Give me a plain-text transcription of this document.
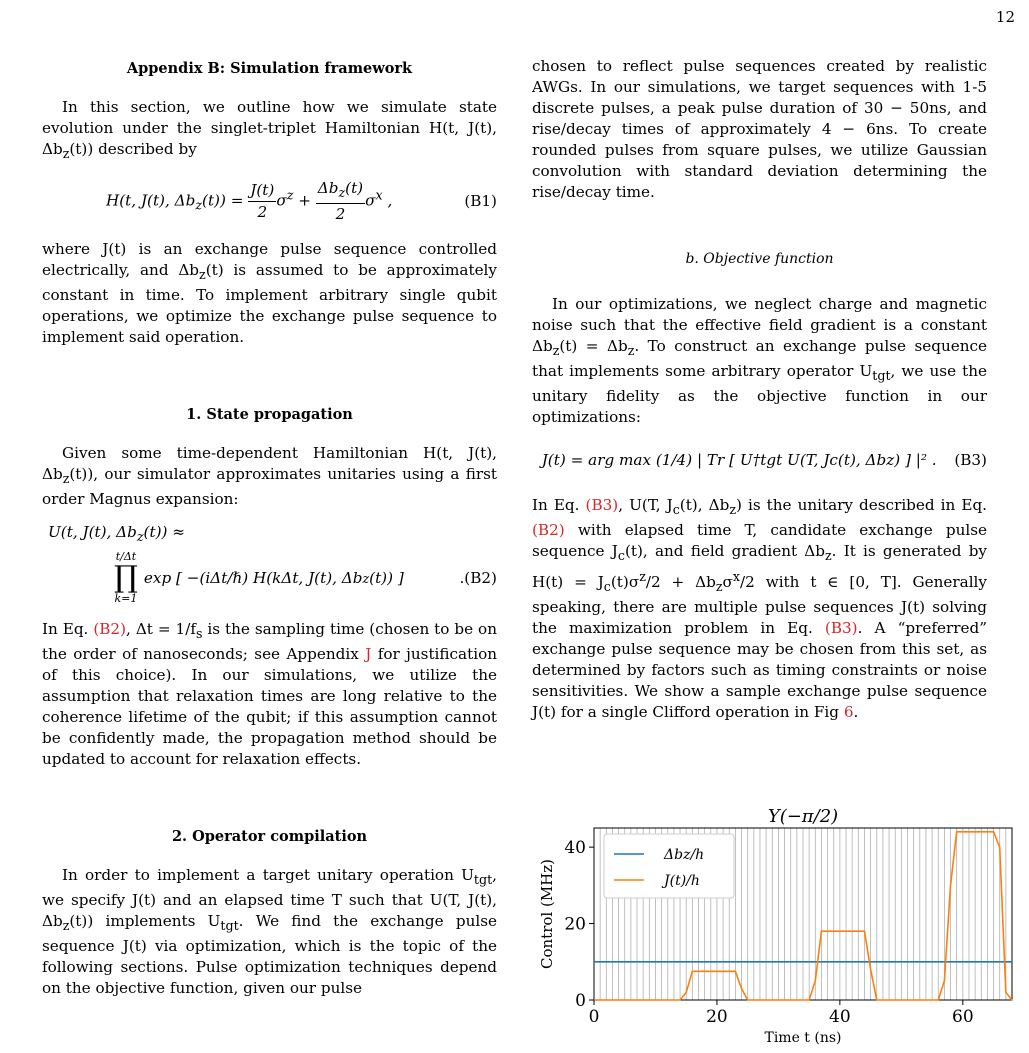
12
Appendix B: Simulation framework

In this section, we outline how we simulate state evolution under the singlet-triplet Hamiltonian H(t, J(t), $\Delta b_z(t)$) described by

H(t, J(t), $\Delta b_z(t)) = \frac{J(t)}{2} \sigma^z$ +
$\Delta b_z(t)$
2
$\sigma^x$ ,	(B1)

where J(t) is an exchange pulse sequence controlled electrically, and $\Delta b_z(t)$ is assumed to be approximately constant in time. To implement arbitrary single qubit operations, we optimize the exchange pulse sequence to implement said operation.

1. State propagation

Given some time-dependent Hamiltonian H(t, J(t), $\Delta b_z(t)$), our simulator approximates unitaries using a first order Magnus expansion:

U(t, J(t), $\Delta b_z(t)$) ≈
t/Δt
∏
k=1
exp [ −(iΔt/ℏ) H(kΔt, J(t), Δb z (t)) ]	.(B2)

In Eq. (B2), $\Delta t = 1/f_s$ is the sampling time (chosen to be on the order of nanoseconds; see Appendix J for justification of this choice). In our simulations, we utilize the assumption that relaxation times are long relative to the coherence lifetime of the qubit; if this assumption cannot be confidently made, the propagation method should be updated to account for relaxation effects.

2. Operator compilation

In order to implement a target unitary operation $U_{tgt}$, we specify J(t) and an elapsed time T such that U(T, J(t), $\Delta b_z(t)$) implements $U_{tgt}$. We find the exchange pulse sequence J(t) via optimization, which is the topic of the following sections. Pulse optimization techniques depend on the objective function, given our pulse

chosen to reflect pulse sequences created by realistic AWGs. In our simulations, we target sequences with 1-5 discrete pulses, a peak pulse duration of 30 − 50ns, and rise/decay times of approximately 4 − 6ns. To create rounded pulses from square pulses, we utilize Gaussian convolution with standard deviation determining the rise/decay time.

b. Objective function

In our optimizations, we neglect charge and magnetic noise such that the effective field gradient is a constant $\Delta b_z(t) = \Delta b_z$. To construct an exchange pulse sequence that implements some arbitrary operator $U_{tgt}$, we use the unitary fidelity as the objective function in our optimizations:

J(t) = arg max (1/4) | Tr [ U†tgt U(T, Jc(t), Δbz) ] |² .	(B3)

In Eq. (B3), U(T, $J_c(t)$, $\Delta b_z$) is the unitary described in Eq. (B2) with elapsed time T, candidate exchange pulse sequence $J_c(t)$, and field gradient $\Delta b_z$. It is generated by $H(t) = J_c(t)\sigma^z/2 + \Delta b_z\sigma^x/2$ with t ∈ [0, T]. Generally speaking, there are multiple pulse sequences J(t) solving the maximization problem in Eq. (B3). A “preferred” exchange pulse sequence may be chosen from this set, as determined by factors such as timing constraints or noise sensitivities. We show a sample exchange pulse sequence J(t) for a single Clifford operation in Fig 6.

0	20	40	60
0
20
40
Y(−π/2)
Time t (ns)
Control (MHz)
Δbz/h
J(t)/h
